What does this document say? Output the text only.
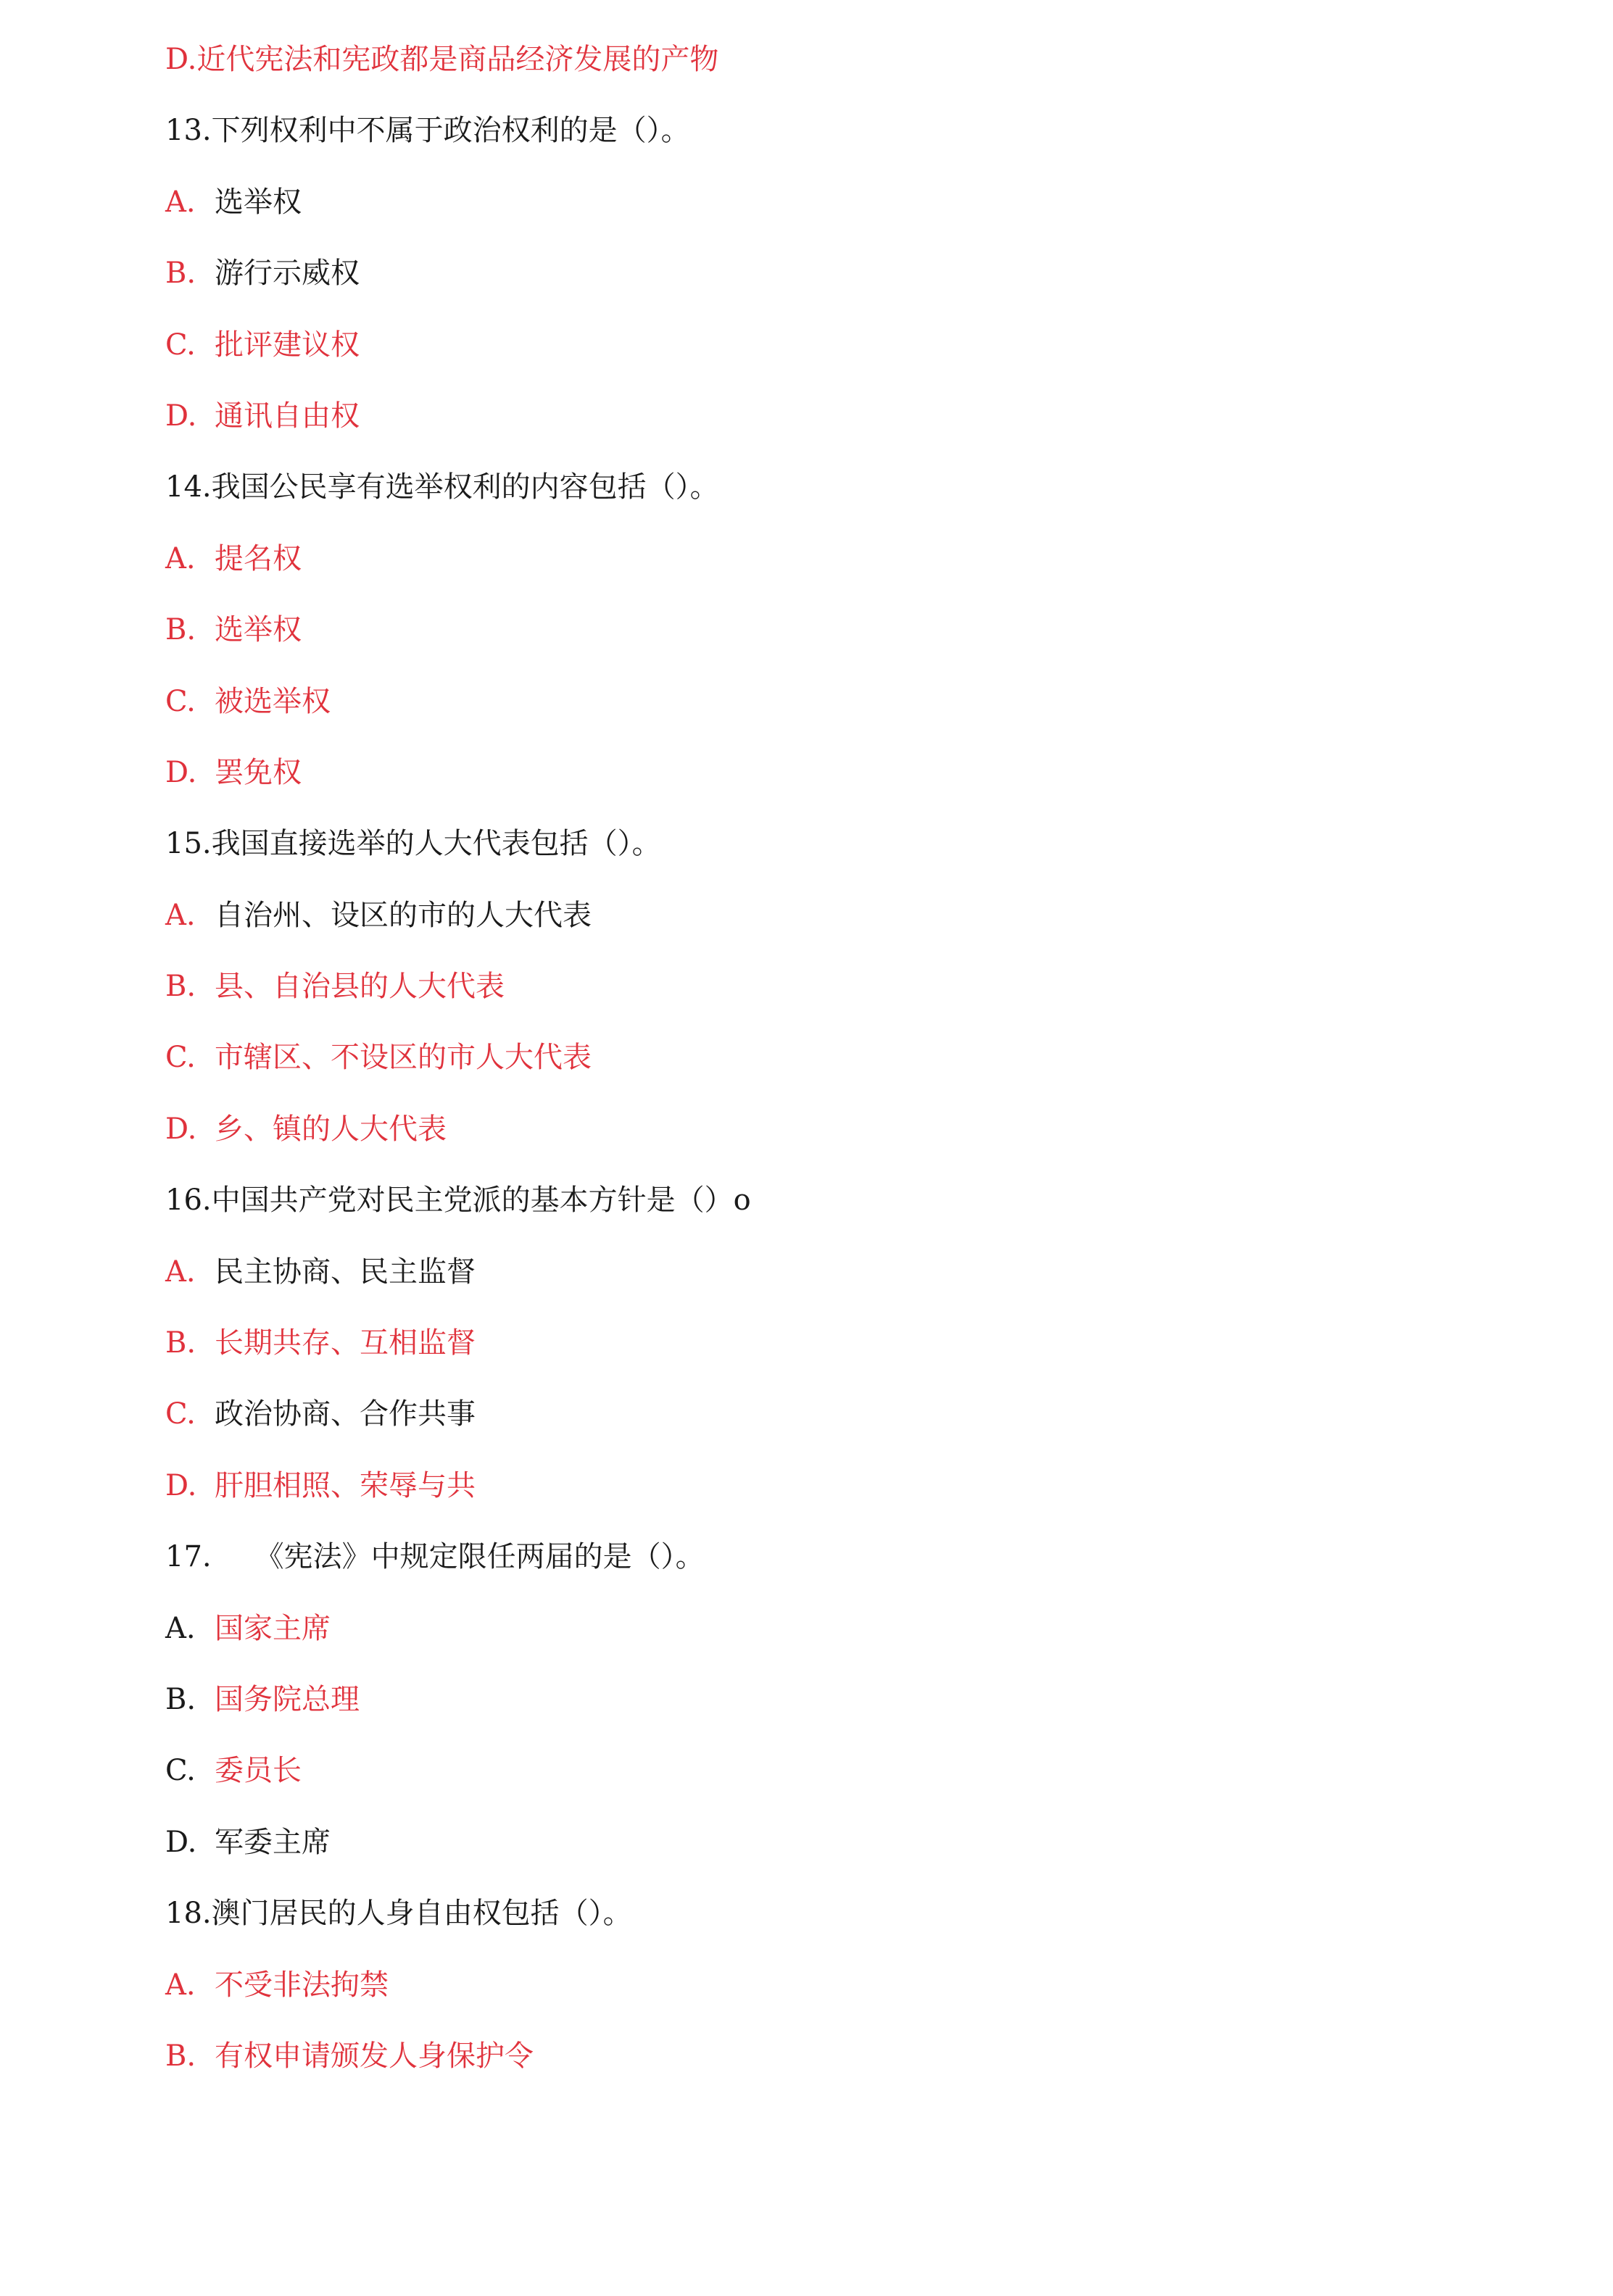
D.近代宪法和宪政都是商品经济发展的产物
13.下列权利中不属于政治权利的是（）。
A. 选举权
B. 游行示威权
C. 批评建议权
D. 通讯自由权
14.我国公民享有选举权利的内容包括（）。
A. 提名权
B. 选举权
C. 被选举权
D. 罢免权
15.我国直接选举的人大代表包括（）。
A. 自治州、设区的市的人大代表
B. 县、自治县的人大代表
C. 市辖区、不设区的市人大代表
D. 乡、镇的人大代表
16.中国共产党对民主党派的基本方针是（）o
A. 民主协商、民主监督
B. 长期共存、互相监督
C. 政治协商、合作共事
D. 肝胆相照、荣辱与共
17.　　《宪法》中规定限任两届的是（）。
A. 国家主席
B. 国务院总理
C. 委员长
D. 军委主席
18.澳门居民的人身自由权包括（）。
A. 不受非法拘禁
B. 有权申请颁发人身保护令
